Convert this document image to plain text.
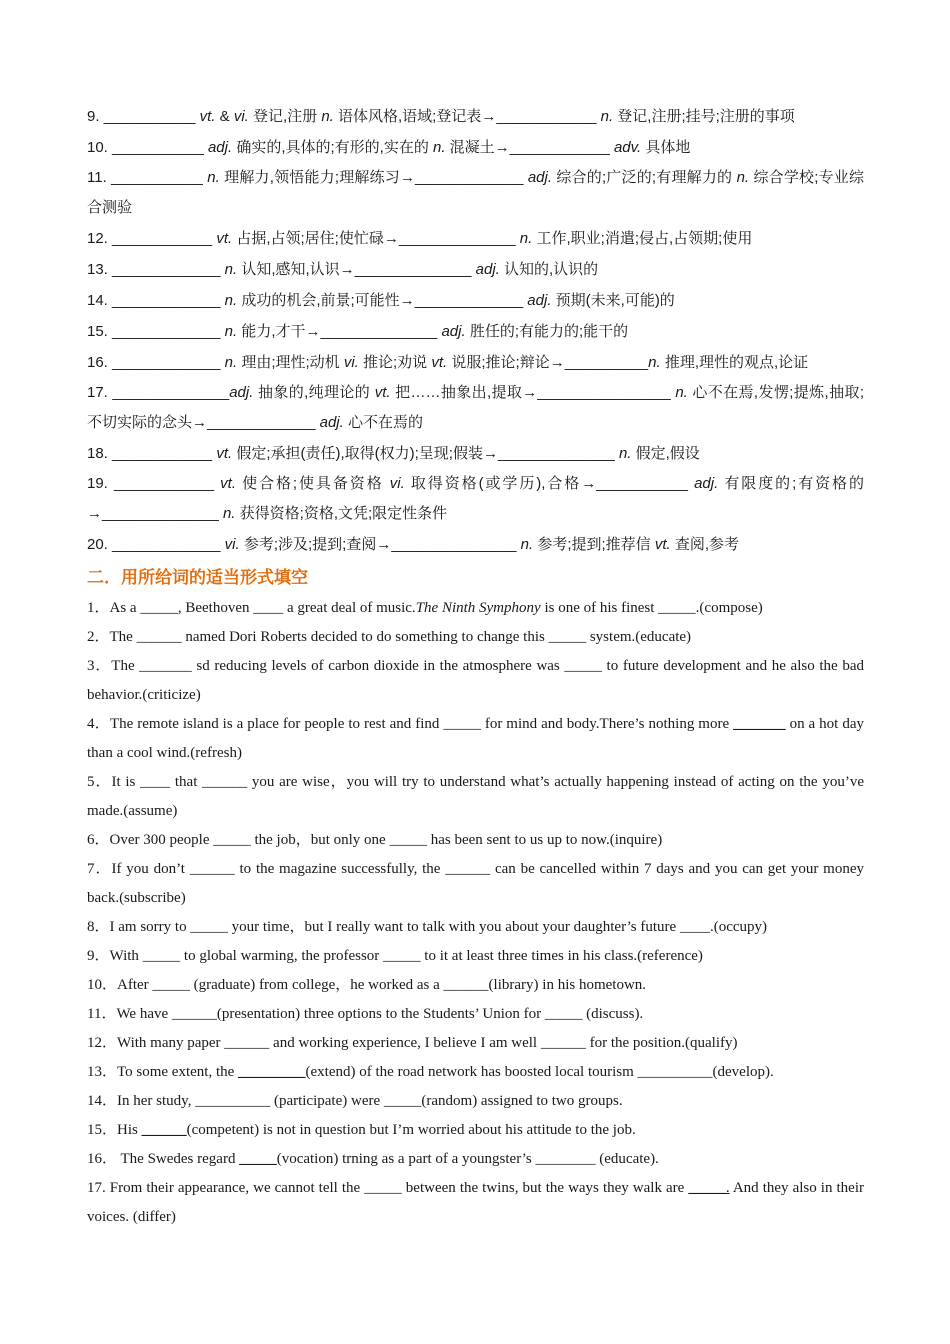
9. ___________ vt. & vi. 登记,注册 n. 语体风格,语域;登记表→____________ n. 登记,注册;挂号;注册的事项
10. ___________ adj. 确实的,具体的;有形的,实在的 n. 混凝土→____________ adv. 具体地
11. ___________ n. 理解力,领悟能力;理解练习→_____________ adj. 综合的;广泛的;有理解力的 n. 综合学校;专业综合测验
12. ____________ vt. 占据,占领;居住;使忙碌→______________ n. 工作,职业;消遣;侵占,占领期;使用
13. _____________ n. 认知,感知,认识→______________ adj. 认知的,认识的
14. _____________ n. 成功的机会,前景;可能性→_____________ adj. 预期(未来,可能)的
15. _____________ n. 能力,才干→______________ adj. 胜任的;有能力的;能干的
16. _____________ n. 理由;理性;动机 vi. 推论;劝说 vt. 说服;推论;辩论→__________n. 推理,理性的观点,论证
17. ______________adj. 抽象的,纯理论的 vt. 把……抽象出,提取→________________ n. 心不在焉,发愣;提炼,抽取;不切实际的念头→_____________ adj. 心不在焉的
18. ____________ vt. 假定;承担(责任),取得(权力);呈现;假装→______________ n. 假定,假设
19. ____________ vt. 使合格;使具备资格 vi. 取得资格(或学历),合格→___________ adj. 有限度的;有资格的 →______________ n. 获得资格;资格,文凭;限定性条件
20. _____________ vi. 参考;涉及;提到;查阅→_______________ n. 参考;提到;推荐信 vt. 查阅,参考
二．用所给词的适当形式填空
1．As a _____, Beethoven ____ a great deal of music.The Ninth Symphony is one of his finest _____.(compose)
2．The ______ named Dori Roberts decided to do something to change this _____ system.(educate)
3．The _______ sd reducing levels of carbon dioxide in the atmosphere was _____ to future development and he also the bad behavior.(criticize)
4．The remote island is a place for people to rest and find _____ for mind and body.There’s nothing more _______ on a hot day than a cool wind.(refresh)
5．It is ____ that ______ you are wise，you will try to understand what’s actually happening instead of acting on the you’ve made.(assume)
6．Over 300 people _____ the job，but only one _____ has been sent to us up to now.(inquire)
7．If you don’t ______ to the magazine successfully, the ______ can be cancelled within 7 days and you can get your money back.(subscribe)
8．I am sorry to _____ your time，but I really want to talk with you about your daughter’s future ____.(occupy)
9．With _____ to global warming, the professor _____ to it at least three times in his class.(reference)
10．After _____ (graduate) from college，he worked as a ______(library) in his hometown.
11．We have ______(presentation) three options to the Students’ Union for _____ (discuss).
12．With many paper ______ and working experience, I believe I am well ______ for the position.(qualify)
13．To some extent, the _________(extend) of the road network has boosted local tourism __________(develop).
14．In her study, __________ (participate) were _____(random) assigned to two groups.
15．His ______(competent) is not in question but I’m worried about his attitude to the job.
16． The Swedes regard _____(vocation) trning as a part of a youngster’s ________ (educate).
17. From their appearance, we cannot tell the _____ between the twins, but the ways they walk are _____. And they also in their voices. (differ)
